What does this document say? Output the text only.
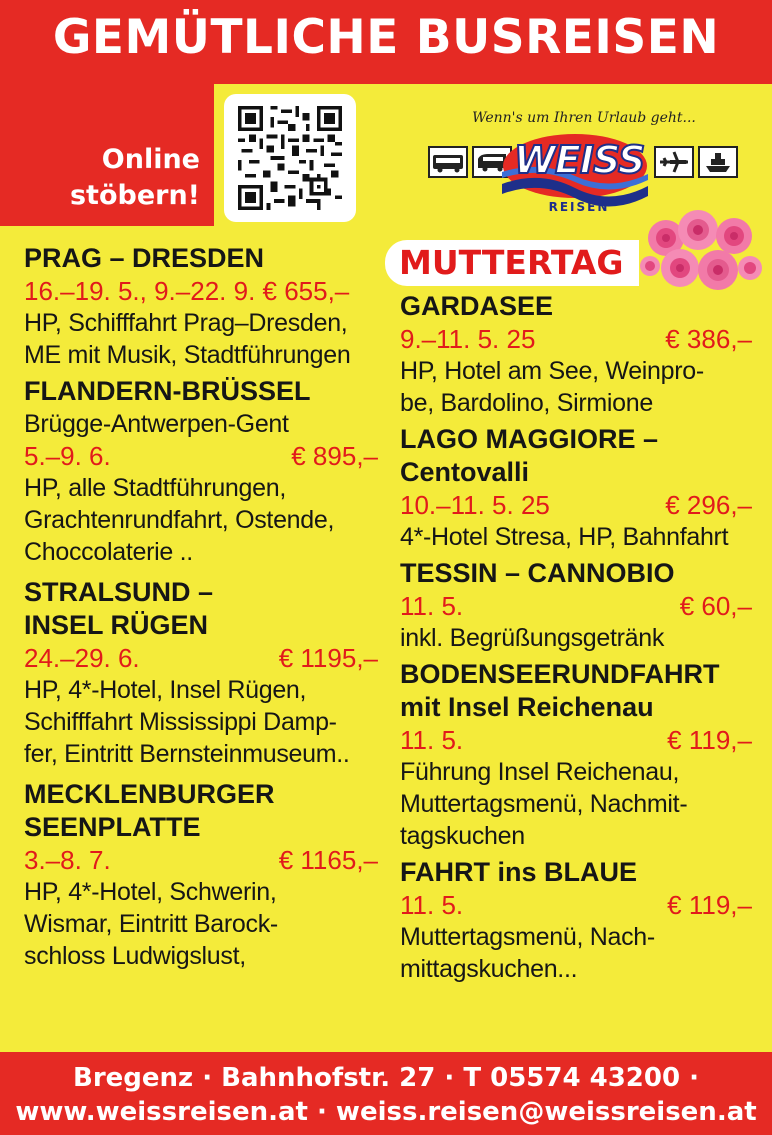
GEMÜTLICHE BUSREISEN
Online
stöbern!
Wenn's um Ihren Urlaub geht...
WEISS
REISEN
MUTTERTAG
PRAG – DRESDEN
16.–19. 5., 9.–22. 9. € 655,–
HP, Schifffahrt Prag–Dresden,
ME mit Musik, Stadtführungen
FLANDERN-BRÜSSEL
Brügge-Antwerpen-Gent
5.–9. 6.	€ 895,–
HP, alle Stadtführungen,
Grachtenrundfahrt, Ostende,
Choccolaterie ..
STRALSUND –
INSEL RÜGEN
24.–29. 6.	€ 1195,–
HP, 4*-Hotel, Insel Rügen,
Schifffahrt Mississippi Damp-
fer, Eintritt Bernsteinmuseum..
MECKLENBURGER
SEENPLATTE
3.–8. 7.	€ 1165,–
HP, 4*-Hotel, Schwerin,
Wismar, Eintritt Barock-
schloss Ludwigslust,
GARDASEE
9.–11. 5. 25	€ 386,–
HP, Hotel am See, Weinpro-
be, Bardolino, Sirmione
LAGO MAGGIORE –
Centovalli
10.–11. 5. 25	€ 296,–
4*-Hotel Stresa, HP, Bahnfahrt
TESSIN – CANNOBIO
11. 5.	€ 60,–
inkl. Begrüßungsgetränk
BODENSEERUNDFAHRT
mit Insel Reichenau
11. 5.	€ 119,–
Führung Insel Reichenau,
Muttertagsmenü, Nachmit-
tagskuchen
FAHRT ins BLAUE
11. 5.	€ 119,–
Muttertagsmenü, Nach-
mittagskuchen...
Bregenz · Bahnhofstr. 27 · T 05574 43200 ·
www.weissreisen.at · weiss.reisen@weissreisen.at
